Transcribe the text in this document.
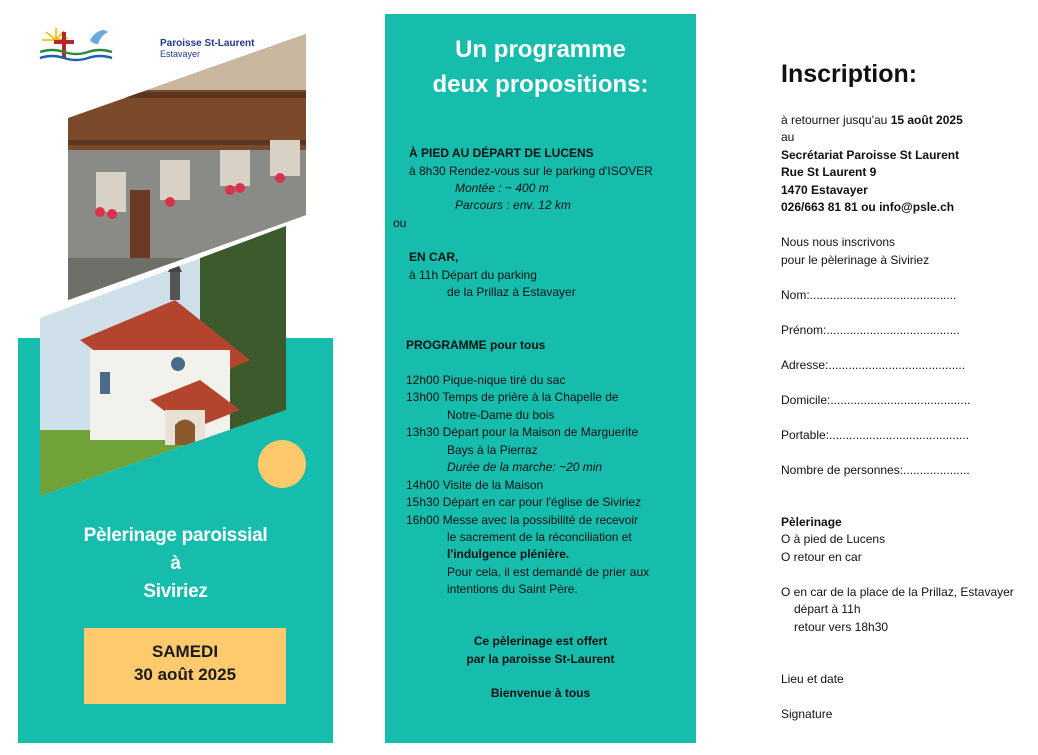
Paroisse St-Laurent
Estavayer
Pèlerinage paroissial
à
Siviriez
SAMEDI
30 août 2025
Un programme
deux propositions:
À PIED AU DÉPART DE LUCENS
à 8h30 Rendez-vous sur le parking d'ISOVER
Montée : ~ 400 m
Parcours : env. 12 km
ou
EN CAR,
à 11h Départ du parking
de la Prillaz à Estavayer
PROGRAMME pour tous
12h00 Pique-nique tiré du sac
13h00 Temps de prière à la Chapelle de
Notre-Dame du bois
13h30 Départ pour la Maison de Marguerite
Bays à la Pierraz
Durée de la marche: ~20 min
14h00 Visite de la Maison
15h30 Départ en car pour l'église de Siviriez
16h00 Messe avec la possibilité de recevoir
le sacrement de la réconciliation et
l'indulgence plénière.
Pour cela, il est demandé de prier aux
intentions du Saint Père.
Ce pèlerinage est offert
par la paroisse St-Laurent
Bienvenue à tous
Inscription:
à retourner jusqu'au 15 août 2025
au
Secrétariat Paroisse St Laurent
Rue St Laurent 9
1470 Estavayer
026/663 81 81 ou info@psle.ch
Nous nous inscrivons
pour le pèlerinage à Siviriez
Nom:............................................
Prénom:........................................
Adresse:.........................................
Domicile:..........................................
Portable:..........................................
Nombre de personnes:....................
Pèlerinage
O à pied de Lucens
O retour en car
O en car de la place de la Prillaz, Estavayer
départ à 11h
retour vers 18h30
Lieu et date
Signature
